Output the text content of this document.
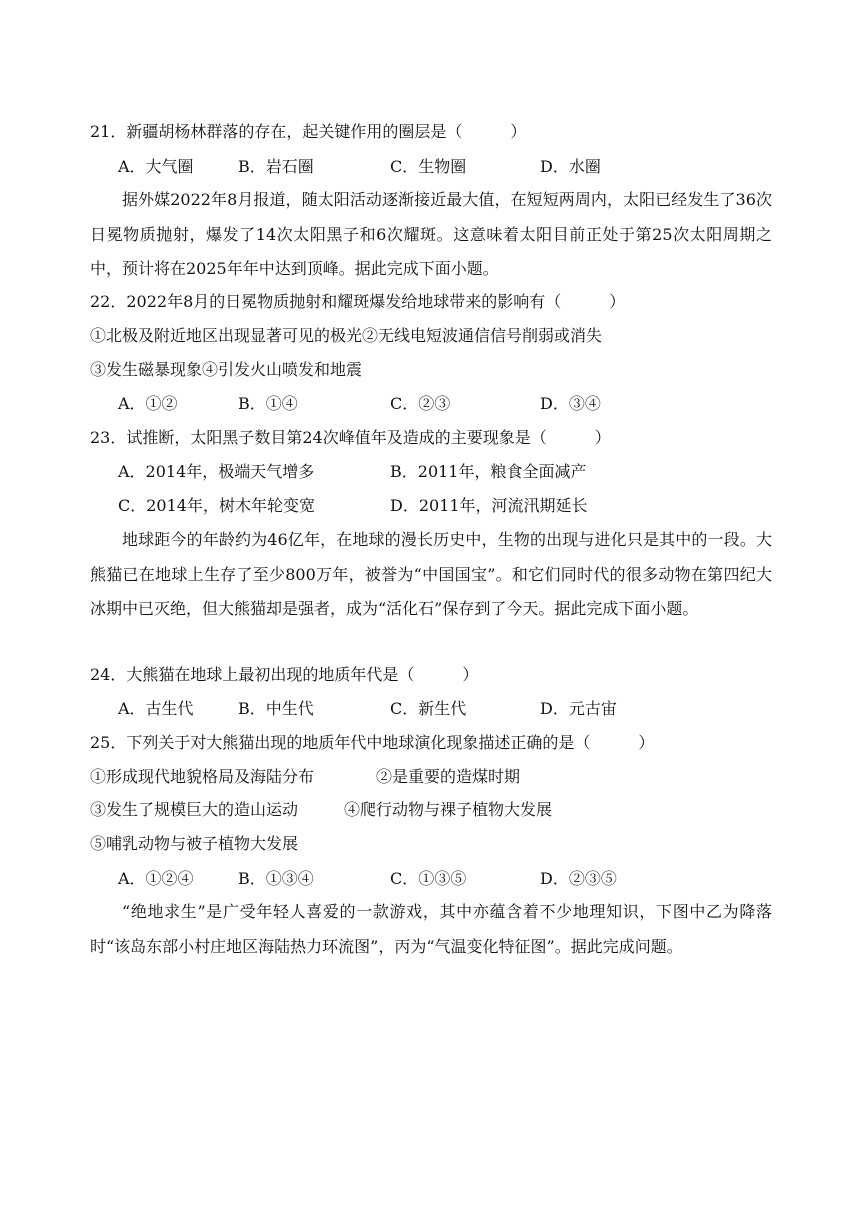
21．新疆胡杨林群落的存在，起关键作用的圈层是（　　　）
A．大气圈	B．岩石圈	C．生物圈	D．水圈
据外媒2022年8月报道，随太阳活动逐渐接近最大值，在短短两周内，太阳已经发生了36次日冕物质抛射，爆发了14次太阳黑子和6次耀斑。这意味着太阳目前正处于第25次太阳周期之中，预计将在2025年年中达到顶峰。据此完成下面小题。
22．2022年8月的日冕物质抛射和耀斑爆发给地球带来的影响有（　　　）
①北极及附近地区出现显著可见的极光②无线电短波通信信号削弱或消失
③发生磁暴现象④引发火山喷发和地震
A．①②	B．①④	C．②③	D．③④
23．试推断，太阳黑子数目第24次峰值年及造成的主要现象是（　　　）
A．2014年，极端天气增多	B．2011年，粮食全面减产
C．2014年，树木年轮变宽	D．2011年，河流汛期延长
地球距今的年龄约为46亿年，在地球的漫长历史中，生物的出现与进化只是其中的一段。大熊猫已在地球上生存了至少800万年，被誉为“中国国宝”。和它们同时代的很多动物在第四纪大冰期中已灭绝，但大熊猫却是强者，成为“活化石”保存到了今天。据此完成下面小题。
24．大熊猫在地球上最初出现的地质年代是（　　　）
A．古生代	B．中生代	C．新生代	D．元古宙
25．下列关于对大熊猫出现的地质年代中地球演化现象描述正确的是（　　　）
①形成现代地貌格局及海陆分布	②是重要的造煤时期
③发生了规模巨大的造山运动	④爬行动物与裸子植物大发展
⑤哺乳动物与被子植物大发展
A．①②④	B．①③④	C．①③⑤	D．②③⑤
“绝地求生”是广受年轻人喜爱的一款游戏，其中亦蕴含着不少地理知识，下图中乙为降落时“该岛东部小村庄地区海陆热力环流图”，丙为“气温变化特征图”。据此完成问题。
